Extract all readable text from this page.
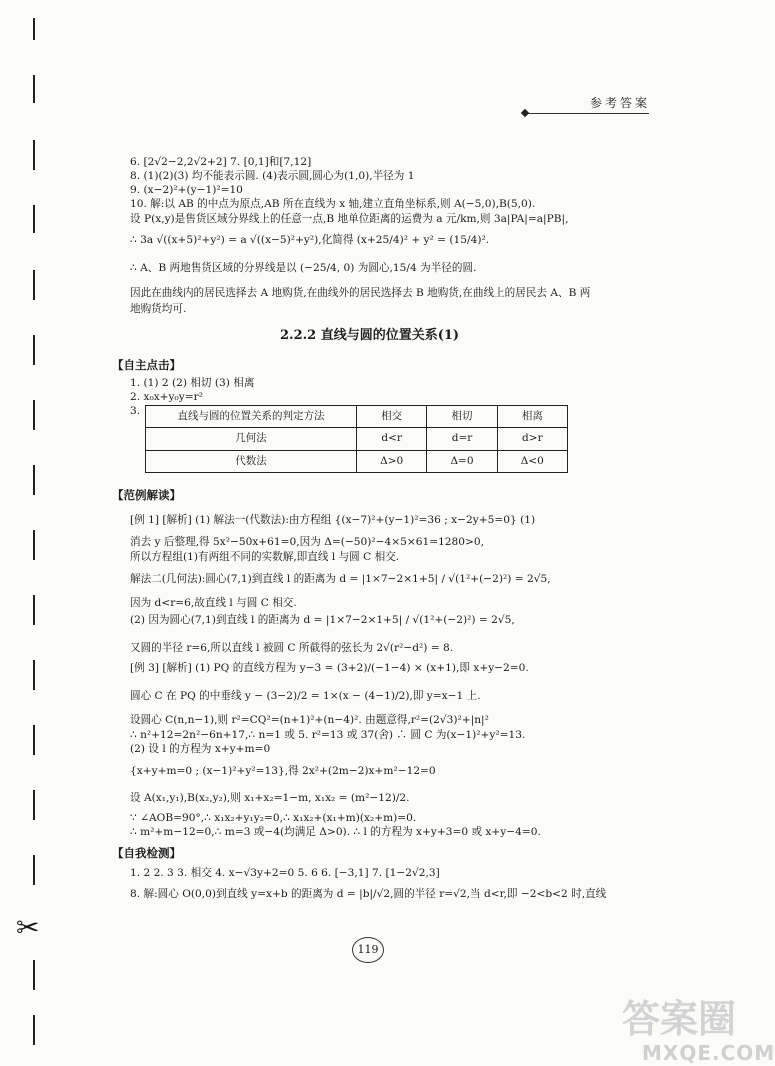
✂
参考答案
6. [2√2−2,2√2+2] 7. [0,1]和[7,12]
8. (1)(2)(3) 均不能表示圆. (4)表示圆,圆心为(1,0),半径为 1
9. (x−2)²+(y−1)²=10
10. 解:以 AB 的中点为原点,AB 所在直线为 x 轴,建立直角坐标系,则 A(−5,0),B(5,0).
设 P(x,y)是售货区域分界线上的任意一点,B 地单位距离的运费为 a 元/km,则 3a|PA|=a|PB|,
∴ 3a √((x+5)²+y²) = a √((x−5)²+y²),化简得 (x+25/4)² + y² = (15/4)².
∴ A、B 两地售货区域的分界线是以 (−25/4, 0) 为圆心,15/4 为半径的圆.
因此在曲线内的居民选择去 A 地购货,在曲线外的居民选择去 B 地购货,在曲线上的居民去 A、B 两
地购货均可.
2.2.2 直线与圆的位置关系(1)
【自主点击】
1. (1) 2 (2) 相切 (3) 相离
2. x₀x+y₀y=r²
3.	直线与圆的位置关系的判定方法	相交	相切	相离
几何法	d<r	d=r	d>r
代数法	Δ>0	Δ=0	Δ<0
【范例解读】
[例 1] [解析] (1) 解法一(代数法):由方程组 {(x−7)²+(y−1)²=36 ; x−2y+5=0} (1)
消去 y 后整理,得 5x²−50x+61=0,因为 Δ=(−50)²−4×5×61=1280>0,
所以方程组(1)有两组不同的实数解,即直线 l 与圆 C 相交.
解法二(几何法):圆心(7,1)到直线 l 的距离为 d = |1×7−2×1+5| / √(1²+(−2)²) = 2√5,
因为 d<r=6,故直线 l 与圆 C 相交.
(2) 因为圆心(7,1)到直线 l 的距离为 d = |1×7−2×1+5| / √(1²+(−2)²) = 2√5,
又圆的半径 r=6,所以直线 l 被圆 C 所截得的弦长为 2√(r²−d²) = 8.
[例 3] [解析] (1) PQ 的直线方程为 y−3 = (3+2)/(−1−4) × (x+1),即 x+y−2=0.
圆心 C 在 PQ 的中垂线 y − (3−2)/2 = 1×(x − (4−1)/2),即 y=x−1 上.
设圆心 C(n,n−1),则 r²=CQ²=(n+1)²+(n−4)². 由题意得,r²=(2√3)²+|n|²
∴ n²+12=2n²−6n+17,∴ n=1 或 5. r²=13 或 37(舍) ∴ 圆 C 为(x−1)²+y²=13.
(2) 设 l 的方程为 x+y+m=0
{x+y+m=0 ; (x−1)²+y²=13},得 2x²+(2m−2)x+m²−12=0
设 A(x₁,y₁),B(x₂,y₂),则 x₁+x₂=1−m, x₁x₂ = (m²−12)/2.
∵ ∠AOB=90°,∴ x₁x₂+y₁y₂=0,∴ x₁x₂+(x₁+m)(x₂+m)=0.
∴ m²+m−12=0,∴ m=3 或−4(均满足 Δ>0). ∴ l 的方程为 x+y+3=0 或 x+y−4=0.
【自我检测】
1. 2 2. 3 3. 相交 4. x−√3y+2=0 5. 6 6. [−3,1] 7. [1−2√2,3]
8. 解:圆心 O(0,0)到直线 y=x+b 的距离为 d = |b|/√2,圆的半径 r=√2,当 d<r,即 −2<b<2 时,直线
119
答案圈
MXQE.COM
